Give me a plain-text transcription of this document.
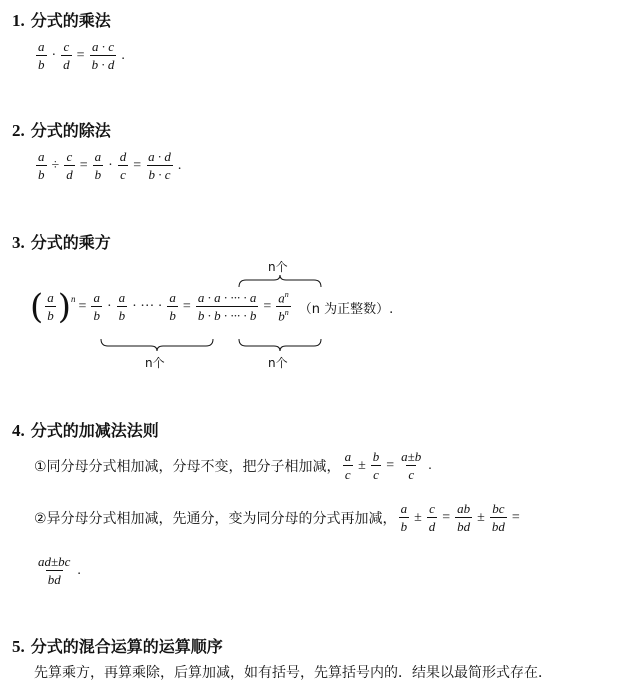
1. 分式的乘法
$\frac{a}{b} \cdot \frac{c}{d} = \frac{a \cdot c}{b \cdot d}$ .
2. 分式的除法
$\frac{a}{b} \div \frac{c}{d} = \frac{a}{b} \cdot \frac{d}{c} = \frac{a \cdot d}{b \cdot c}$ .
3. 分式的乘方
n个
( $\frac{a}{b}$ ) $n = \frac{a}{b} \cdot \frac{a}{b}$ · ··· · $\frac{a}{b} = \frac{a \cdot a \cdot \cdot\cdot\cdot \cdot a}{b \cdot b \cdot \cdot\cdot\cdot \cdot b} = \frac{a^n}{b^n} (n$ 为正整数）.
n个	n个
4. 分式的加减法法则
①同分母分式相加减，分母不变，把分子相加减， $\frac{a}{c} \pm \frac{b}{c} = \frac{a\pm b}{c}$ .
②异分母分式相加减，先通分，变为同分母的分式再加减， $\frac{a}{b} \pm \frac{c}{d} = \frac{ab}{bd} \pm \frac{bc}{bd}$ =
$\frac{ad\pm bc}{bd}$ .
5. 分式的混合运算的运算顺序
先算乘方，再算乘除，后算加减，如有括号，先算括号内的．结果以最简形式存在．
